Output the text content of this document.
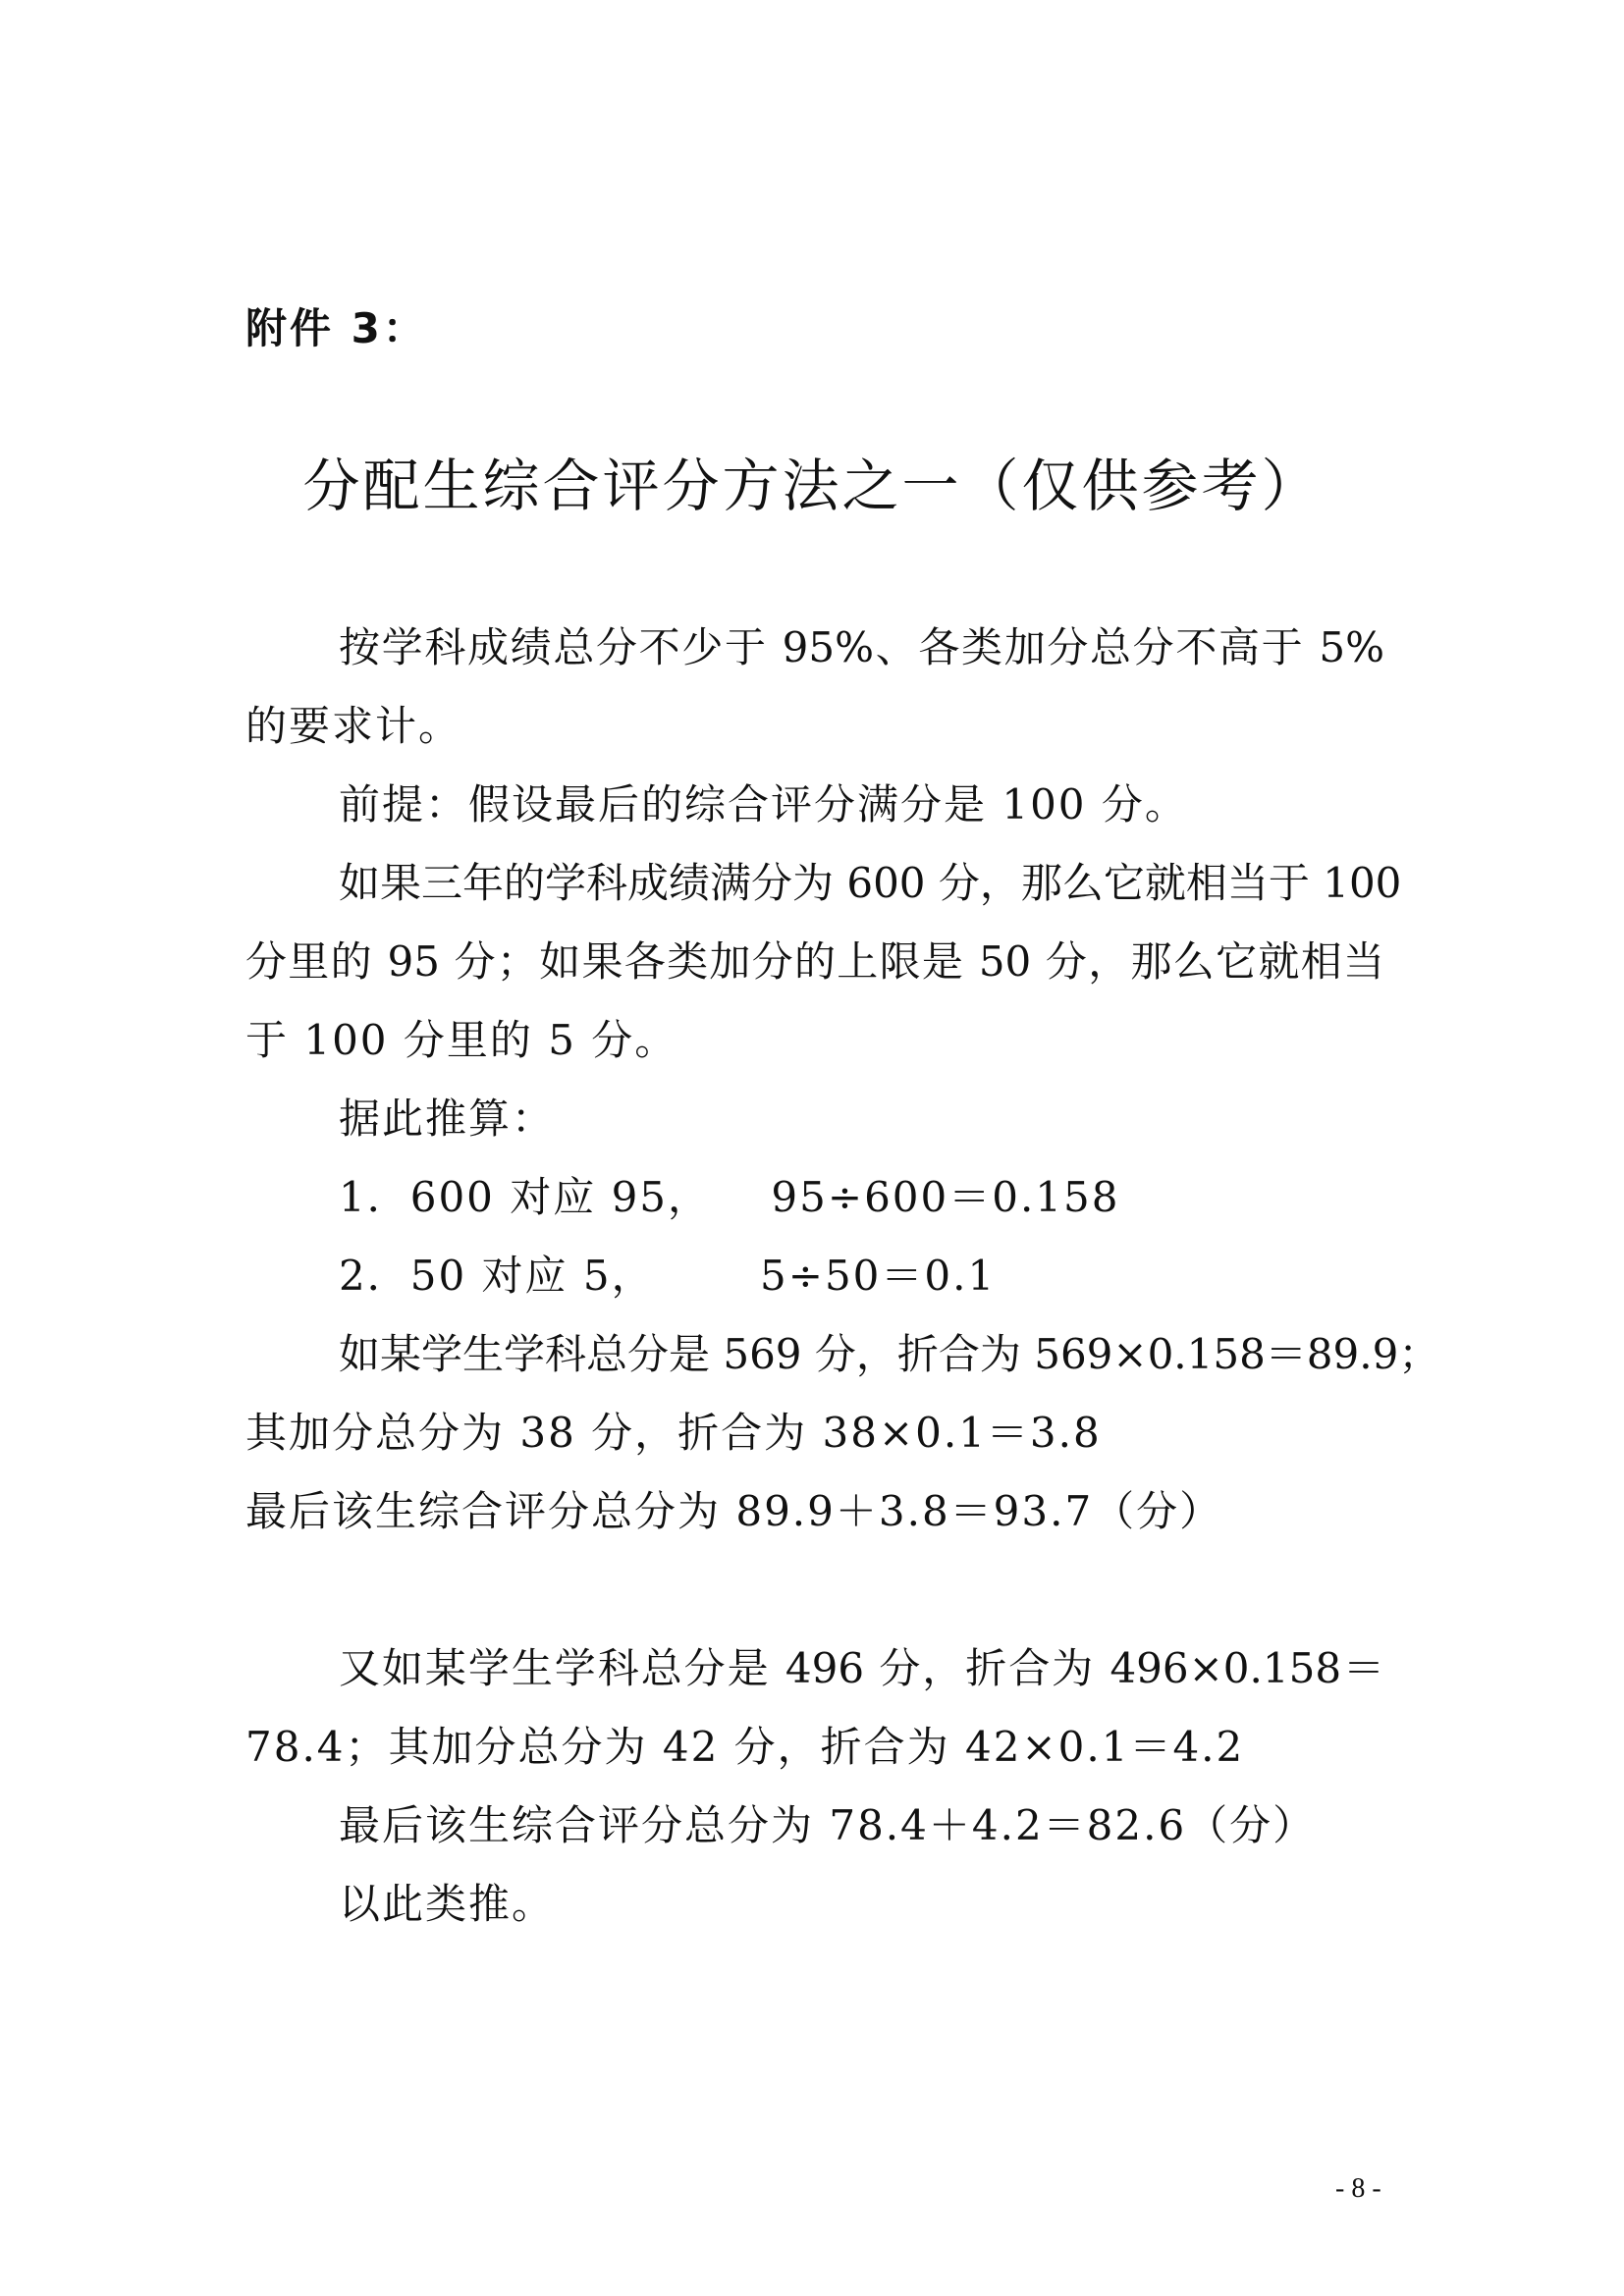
附件 3：
分配生综合评分方法之一（仅供参考）
按学科成绩总分不少于 95%、各类加分总分不高于 5%
的要求计。
前提：假设最后的综合评分满分是 100 分。
如果三年的学科成绩满分为 600 分，那么它就相当于 100
分里的 95 分；如果各类加分的上限是 50 分，那么它就相当
于 100 分里的 5 分。
据此推算：
1．600 对应 95，    95÷600＝0.158
2．50 对应 5，       5÷50＝0.1
如某学生学科总分是 569 分，折合为 569×0.158＝89.9；
其加分总分为 38 分，折合为 38×0.1＝3.8
最后该生综合评分总分为 89.9＋3.8＝93.7（分）
又如某学生学科总分是 496 分，折合为 496×0.158＝
78.4；其加分总分为 42 分，折合为 42×0.1＝4.2
最后该生综合评分总分为 78.4＋4.2＝82.6（分）
以此类推。
- 8 -
